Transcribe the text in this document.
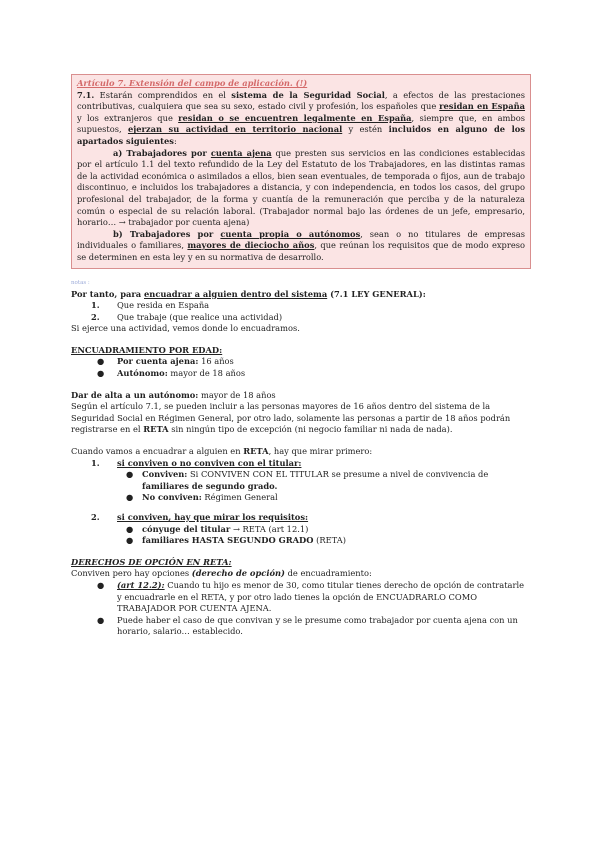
Artículo 7. Extensión del campo de aplicación. (!)
7.1. Estarán comprendidos en el sistema de la Seguridad Social, a efectos de las prestaciones contributivas, cualquiera que sea su sexo, estado civil y profesión, los españoles que residan en España y los extranjeros que residan o se encuentren legalmente en España, siempre que, en ambos supuestos, ejerzan su actividad en territorio nacional y estén incluidos en alguno de los apartados siguientes:
a) Trabajadores por cuenta ajena que presten sus servicios en las condiciones establecidas por el artículo 1.1 del texto refundido de la Ley del Estatuto de los Trabajadores, en las distintas ramas de la actividad económica o asimilados a ellos, bien sean eventuales, de temporada o fijos, aun de trabajo discontinuo, e incluidos los trabajadores a distancia, y con independencia, en todos los casos, del grupo profesional del trabajador, de la forma y cuantía de la remuneración que perciba y de la naturaleza común o especial de su relación laboral. (Trabajador normal bajo las órdenes de un jefe, empresario, horario… → trabajador por cuenta ajena)
b) Trabajadores por cuenta propia o autónomos, sean o no titulares de empresas individuales o familiares, mayores de dieciocho años, que reúnan los requisitos que de modo expreso se determinen en esta ley y en su normativa de desarrollo.
notas :
Por tanto, para encuadrar a alguien dentro del sistema (7.1 LEY GENERAL):
1. Que resida en España
2. Que trabaje (que realice una actividad)
Si ejerce una actividad, vemos donde lo encuadramos.
ENCUADRAMIENTO POR EDAD:
● Por cuenta ajena: 16 años
● Autónomo: mayor de 18 años
Dar de alta a un autónomo: mayor de 18 años
Según el artículo 7.1, se pueden incluir a las personas mayores de 16 años dentro del sistema de la Seguridad Social en Régimen General, por otro lado, solamente las personas a partir de 18 años podrán registrarse en el RETA sin ningún tipo de excepción (ni negocio familiar ni nada de nada).
Cuando vamos a encuadrar a alguien en RETA, hay que mirar primero:
1. si conviven o no conviven con el titular:
● Conviven: Si CONVIVEN CON EL TITULAR se presume a nivel de convivencia de familiares de segundo grado.
● No conviven: Régimen General
2. si conviven, hay que mirar los requisitos:
● cónyuge del titular → RETA (art 12.1)
● familiares HASTA SEGUNDO GRADO (RETA)
DERECHOS DE OPCIÓN EN RETA:
Conviven pero hay opciones (derecho de opción) de encuadramiento:
● (art 12.2): Cuando tu hijo es menor de 30, como titular tienes derecho de opción de contratarle y encuadrarle en el RETA, y por otro lado tienes la opción de ENCUADRARLO COMO TRABAJADOR POR CUENTA AJENA.
● Puede haber el caso de que convivan y se le presume como trabajador por cuenta ajena con un horario, salario… establecido.
